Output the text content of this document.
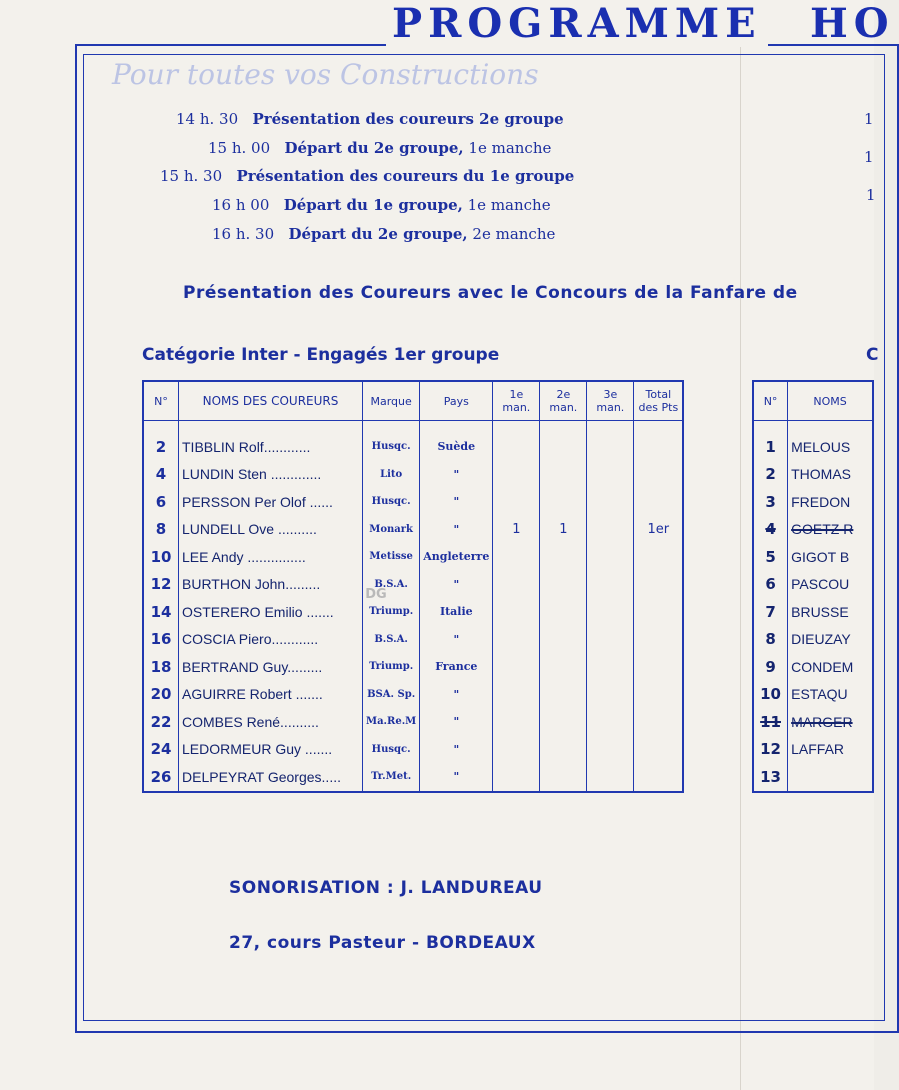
PROGRAMME HO
Pour toutes vos Constructions
14 h. 30 Présentation des coureurs 2e groupe
15 h. 00 Départ du 2e groupe, 1e manche
15 h. 30 Présentation des coureurs du 1e groupe
16 h 00 Départ du 1e groupe, 1e manche
16 h. 30 Départ du 2e groupe, 2e manche
1
1
1
Présentation des Coureurs avec le Concours de la Fanfare de
Catégorie Inter - Engagés 1er groupe	C
N°	NOMS DES COUREURS	Marque	Pays	1e man.	2e man.	3e man.	Total des Pts

2	TIBBLIN Rolf............	Husqc.	Suède				
4	LUNDIN Sten .............	Lito	"				
6	PERSSON Per Olof ......	Husqc.	"				
8	LUNDELL Ove ..........	Monark	"	1	1		1er
10	LEE Andy ...............	Metisse	Angleterre				
12	BURTHON John.........	B.S.A.	"				
14	OSTERERO Emilio .......	Triump.	Italie				
16	COSCIA Piero............	B.S.A.	"				
18	BERTRAND Guy.........	Triump.	France				
20	AGUIRRE Robert .......	BSA. Sp.	"				
22	COMBES René..........	Ma.Re.M	"				
24	LEDORMEUR Guy .......	Husqc.	"				
26	DELPEYRAT Georges.....	Tr.Met.	"				
N°	NOMS

1	MELOUS
2	THOMAS
3	FREDON
4	GOETZ R
5	GIGOT B
6	PASCOU
7	BRUSSE
8	DIEUZAY
9	CONDEM
10	ESTAQU
11	MARGER
12	LAFFAR
13	
DG
SONORISATION : J. LANDUREAU
27, cours Pasteur - BORDEAUX
